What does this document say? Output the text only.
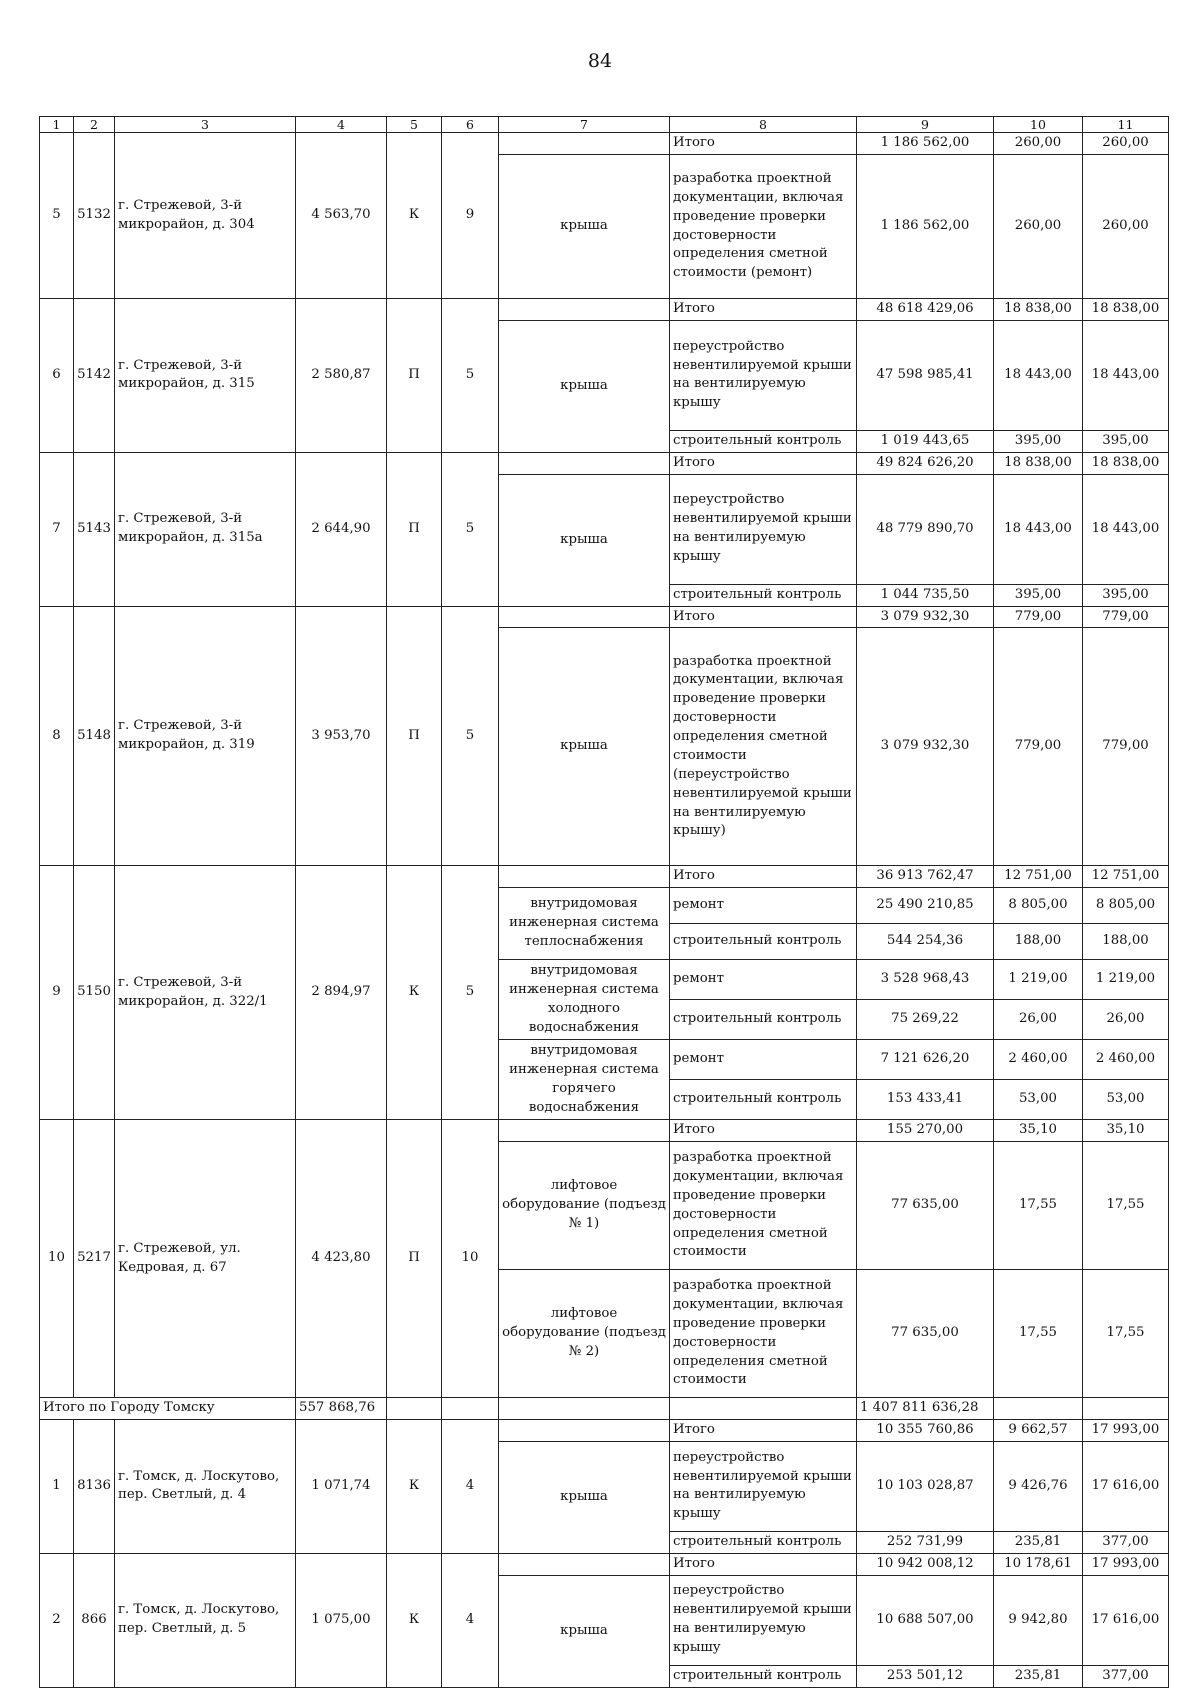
84
1	2	3	4	5	6	7	8	9	10	11
5	5132	г. Стрежевой, 3-й микрорайон, д. 304	4 563,70	К	9		Итого	1 186 562,00	260,00	260,00
						крыша	разработка проектной документации, включая проведение проверки достоверности определения сметной стоимости (ремонт)	1 186 562,00	260,00	260,00
6	5142	г. Стрежевой, 3-й микрорайон, д. 315	2 580,87	П	5		Итого	48 618 429,06	18 838,00	18 838,00
						крыша	переустройство невентилируемой крыши на вентилируемую крышу	47 598 985,41	18 443,00	18 443,00
							строительный контроль	1 019 443,65	395,00	395,00
7	5143	г. Стрежевой, 3-й микрорайон, д. 315а	2 644,90	П	5		Итого	49 824 626,20	18 838,00	18 838,00
						крыша	переустройство невентилируемой крыши на вентилируемую крышу	48 779 890,70	18 443,00	18 443,00
							строительный контроль	1 044 735,50	395,00	395,00
8	5148	г. Стрежевой, 3-й микрорайон, д. 319	3 953,70	П	5		Итого	3 079 932,30	779,00	779,00
						крыша	разработка проектной документации, включая проведение проверки достоверности определения сметной стоимости (переустройство невентилируемой крыши на вентилируемую крышу)	3 079 932,30	779,00	779,00
9	5150	г. Стрежевой, 3-й микрорайон, д. 322/1	2 894,97	К	5		Итого	36 913 762,47	12 751,00	12 751,00
						внутридомовая инженерная система теплоснабжения	ремонт	25 490 210,85	8 805,00	8 805,00
							строительный контроль	544 254,36	188,00	188,00
						внутридомовая инженерная система холодного водоснабжения	ремонт	3 528 968,43	1 219,00	1 219,00
							строительный контроль	75 269,22	26,00	26,00
						внутридомовая инженерная система горячего водоснабжения	ремонт	7 121 626,20	2 460,00	2 460,00
							строительный контроль	153 433,41	53,00	53,00
10	5217	г. Стрежевой, ул. Кедровая, д. 67	4 423,80	П	10		Итого	155 270,00	35,10	35,10
						лифтовое оборудование (подъезд № 1)	разработка проектной документации, включая проведение проверки достоверности определения сметной стоимости	77 635,00	17,55	17,55
						лифтовое оборудование (подъезд № 2)	разработка проектной документации, включая проведение проверки достоверности определения сметной стоимости	77 635,00	17,55	17,55
Итого по Городу Томску			557 868,76					1 407 811 636,28		
1	8136	г. Томск, д. Лоскутово, пер. Светлый, д. 4	1 071,74	К	4		Итого	10 355 760,86	9 662,57	17 993,00
						крыша	переустройство невентилируемой крыши на вентилируемую крышу	10 103 028,87	9 426,76	17 616,00
							строительный контроль	252 731,99	235,81	377,00
2	866	г. Томск, д. Лоскутово, пер. Светлый, д. 5	1 075,00	К	4		Итого	10 942 008,12	10 178,61	17 993,00
						крыша	переустройство невентилируемой крыши на вентилируемую крышу	10 688 507,00	9 942,80	17 616,00
							строительный контроль	253 501,12	235,81	377,00
